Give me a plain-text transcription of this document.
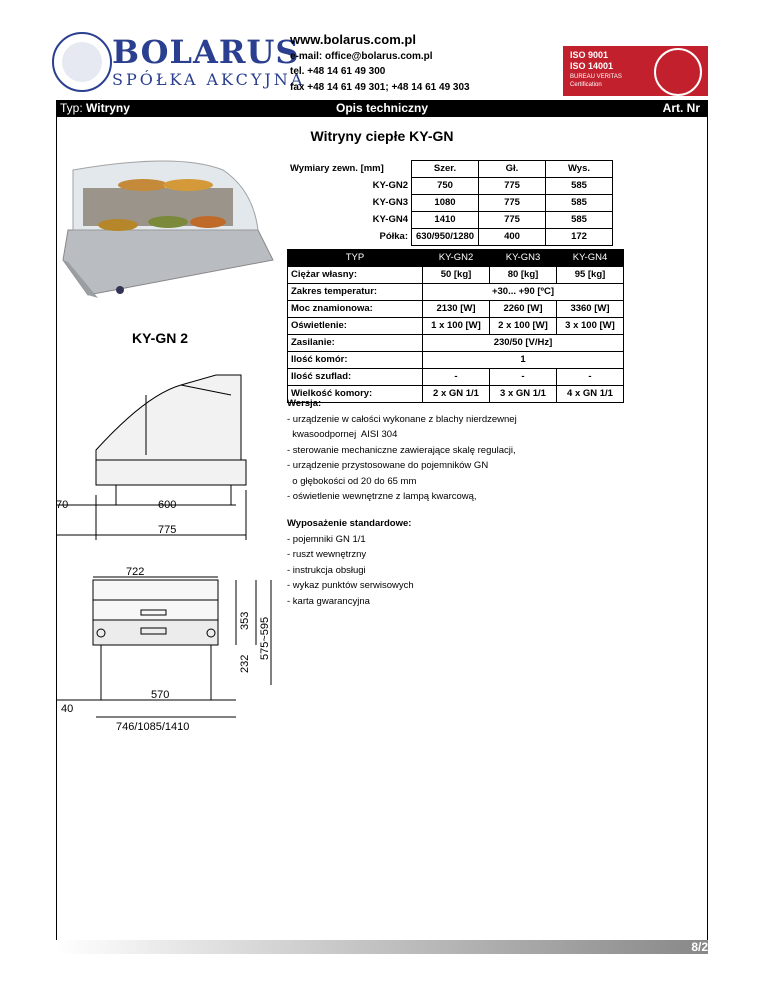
BOLARUS
SPÓŁKA AKCYJNA
www.bolarus.com.pl
e-mail: office@bolarus.com.pl
tel. +48 14 61 49 300
fax +48 14 61 49 301; +48 14 61 49 303
ISO 9001
ISO 14001
BUREAU VERITAS
Certification
Typ: Witryny	Opis techniczny	Art. Nr
Witryny ciepłe KY-GN
KY-GN 2
Wymiary zewn. [mm]	Szer.	Gł.	Wys.
KY-GN2	750	775	585
KY-GN3	1080	775	585
KY-GN4	1410	775	585
Półka:	630/950/1280	400	172
TYP	KY-GN2	KY-GN3	KY-GN4
Ciężar własny:	50 [kg]	80 [kg]	95 [kg]
Zakres temperatur:	+30... +90 [ºC]		
Moc znamionowa:	2130 [W]	2260 [W]	3360 [W]
Oświetlenie:	1 x 100 [W]	2 x 100 [W]	3 x 100 [W]
Zasilanie:	230/50 [V/Hz]		
Ilość komór:	1		
Ilość szuflad:	-	-	-
Wielkość komory:	2 x GN 1/1	3 x GN 1/1	4 x GN 1/1
Wersja:
- urządzenie w całości wykonane z blachy nierdzewnej
kwasoodpornej  AISI 304
- sterowanie mechaniczne zawierające skalę regulacji,
- urządzenie przystosowane do pojemników GN
o głębokości od 20 do 65 mm
- oświetlenie wewnętrzne z lampą kwarcową,
Wyposażenie standardowe:
- pojemniki GN 1/1
- ruszt wewnętrzny
- instrukcja obsługi
- wykaz punktów serwisowych
- karta gwarancyjna
70	600
775
722
353
232
575~595
40
570
746/1085/1410
8/2
